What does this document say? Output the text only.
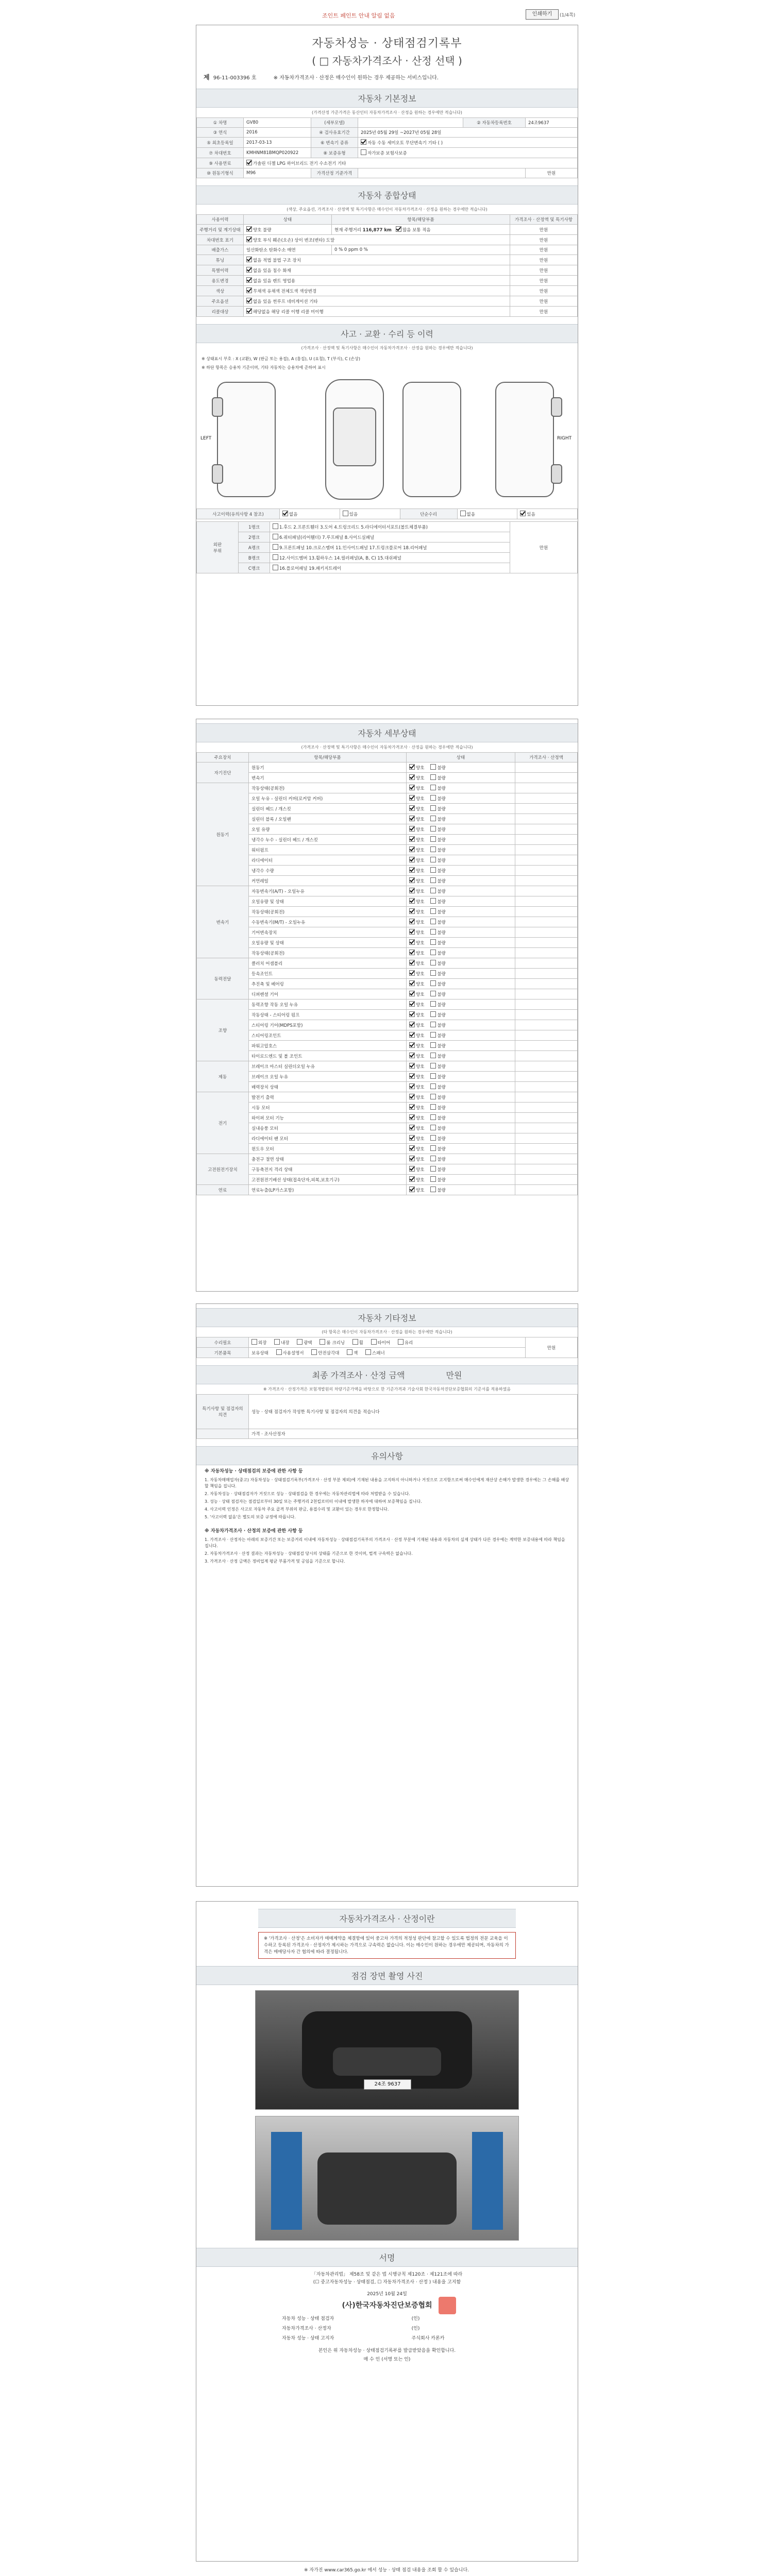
조인트 페인트 안내 알림 없음	인쇄하기	(1/4쪽)
자동차성능 · 상태점검기록부
( □ 자동차가격조사 · 산정 선택 )
제 96-11-003396 호	※ 자동차가격조사 · 산정은 매수인이 원하는 경우 제공하는 서비스입니다.
자동차 기본정보
(가격산정 가준가격은 동산인터 자동차가격조사 · 산정을 원하는 경우에만 적습니다)
① 차명	GV80	(세부모델)		② 자동차등록번호	24조9637
③ 연식	2016	④ 검사유효기간	2025년 05월 29일 ~2027년 05월 28일		
⑤ 최초등록일	2017-03-13	⑥ 변속기 종류	자동 수동 세미오토 무단변속기 기타 ( )		
⑦ 차대번호	KMHNM81BMQP020922	⑧ 보증유형	자가보증 보험사보증		
⑨ 사용연료	가솔린 디젤 LPG 하이브리드 전기 수소전기 기타				
⑩ 원동기형식	M96	가격산정 기준가격			만원
자동차 종합상태
(색상, 주요옵션, 가격조사 · 산정액 및 특기사항은 매수인이 자동차가격조사 · 산정을 원하는 경우에만 적습니다)
사용이력	상태	항목/해당부품	가격조사 · 산정액 및 특기사항
주행거리 및 계기상태	양호 불량	현재 주행거리 116,877 km 많음 보통 적음	만원
차대번호 표기	양호 부식 훼손(오손) 상이 변조(변타) 도말		만원
배출가스	일산화탄소 탄화수소 매연	0 % 0 ppm 0 %	만원
튜닝	없음 적법 불법 구조 장치		만원
특별이력	없음 있음 침수 화재		만원
용도변경	없음 있음 렌트 영업용		만원
색상	무채색 유채색 전체도색 색상변경		만원
주요옵션	없음 있음 썬루프 네비게이션 기타		만원
리콜대상	해당없음 해당 리콜 이행 리콜 미이행		만원
사고 · 교환 · 수리 등 이력
(가격조사 · 산정액 및 특기사항은 매수인이 자동차가격조사 · 산정을 원하는 경우에만 적습니다)
※ 상태표시 부호 : X (교환), W (판금 또는 용접), A (흠집), U (요철), T (부식), C (손상)
※ 하단 항목은 승용차 기준이며, 기타 자동차는 승용차에 준하여 표시
LEFT	RIGHT
사고이력(유의사항 4 참조)	없음	있음	단순수리	없음	있음
외판
부위	1랭크	1.후드 2.프론트휀더 3.도어 4.트렁크리드 5.라디에이터서포트(볼트체결부품)	만원
	2랭크	6.쿼터패널(리어휀더) 7.루프패널 8.사이드실패널	
	A랭크	9.프론트패널 10.크로스멤버 11.인사이드패널 17.트렁크플로어 18.리어패널	
	B랭크	12.사이드멤버 13.휠하우스 14.필러패널(A, B, C) 15.대쉬패널	
	C랭크	16.플로어패널 19.패키지트레이	
자동차 세부상태
(가격조사 · 산정액 및 특기사항은 매수인이 자동차가격조사 · 산정을 원하는 경우에만 적습니다)
주요장치	항목/해당부품	상태	가격조사 · 산정액
자기진단	원동기	양호 불량	
	변속기	양호 불량	
원동기	작동상태(공회전)	양호 불량	
	오일 누유 - 실린더 커버(로커암 커버)	양호 불량	
	실린더 헤드 / 개스킷	양호 불량	
	실린더 블록 / 오일팬	양호 불량	
	오일 유량	양호 불량	
	냉각수 누수 - 실린더 헤드 / 개스킷	양호 불량	
	워터펌프	양호 불량	
	라디에이터	양호 불량	
	냉각수 수량	양호 불량	
	커먼레일	양호 불량	
변속기	자동변속기(A/T) - 오일누유	양호 불량	
	오일유량 및 상태	양호 불량	
	작동상태(공회전)	양호 불량	
	수동변속기(M/T) - 오일누유	양호 불량	
	기어변속장치	양호 불량	
	오일유량 및 상태	양호 불량	
	작동상태(공회전)	양호 불량	
동력전달	클러치 어셈블리	양호 불량	
	등속조인트	양호 불량	
	추진축 및 베어링	양호 불량	
	디퍼렌셜 기어	양호 불량	
조향	동력조향 작동 오일 누유	양호 불량	
	작동상태 - 스티어링 펌프	양호 불량	
	스티어링 기어(MDPS포함)	양호 불량	
	스티어링조인트	양호 불량	
	파워고압호스	양호 불량	
	타이로드엔드 및 볼 조인트	양호 불량	
제동	브레이크 마스터 실린더오일 누유	양호 불량	
	브레이크 오일 누유	양호 불량	
	배력장치 상태	양호 불량	
전기	발전기 출력	양호 불량	
	시동 모터	양호 불량	
	와이퍼 모터 기능	양호 불량	
	실내송풍 모터	양호 불량	
	라디에이터 팬 모터	양호 불량	
	윈도우 모터	양호 불량	
고전원전기장치	충전구 절연 상태	양호 불량	
	구동축전지 격리 상태	양호 불량	
	고전원전기배선 상태(접속단자,피복,보호기구)	양호 불량	
연료	연료누출(LP가스포함)	양호 불량	
자동차 기타정보
(타 항목은 매수인이 자동차가격조사 · 산정을 원하는 경우에만 적습니다)
수리필요	외장 내장 광택 룸 크리닝 휠 타이어 유리	만원
기본품목	보유상태 사용설명서 안전삼각대 잭 스패너	
최종 가격조사 · 산정 금액	만원
※ 가격조사 · 산정가격은 보험개발원의 차량기준가액을 바탕으로 한 기준가격과 기술사회 한국자동차진단보증협회의 기준서를 적용하였음
특기사항 및 점검자의 의견	성능 · 상태 점검자가 작성한 특기사항 및 점검자의 의견을 적습니다
	가격 · 조사산정자
유의사항
※ 자동차성능 · 상태점검의 보증에 관한 사항 등

1. 자동차매매업자(중고) 자동차성능 · 상태점검기록부(가격조사 · 산정 부분 제외)에 기재된 내용을 고지하지 아니하거나 거짓으로 고지함으로써 매수인에게 재산상 손해가 발생한 경우에는 그 손해를 배상할 책임을 집니다.

2. 자동차성능 · 상태점검자가 거짓으로 성능 · 상태점검을 한 경우에는 자동차관리법에 따라 처벌받을 수 있습니다.

3. 성능 · 상태 점검자는 점검일로부터 30일 또는 주행거리 2천킬로미터 이내에 발생한 하자에 대하여 보증책임을 집니다.

4. 사고이력 인정은 사고로 자동차 주요 골격 부위의 판금, 용접수리 및 교환이 있는 경우로 한정합니다.

5. '사고이력 없음'은 별도의 보증 규정에 따릅니다.

※ 자동차가격조사 · 산정의 보증에 관한 사항 등

1. 가격조사 · 산정자는 아래의 보증기간 또는 보증거리 이내에 자동차성능 · 상태점검기록부의 가격조사 · 산정 부분에 기재된 내용과 자동차의 실제 상태가 다른 경우에는 계약한 보증내용에 따라 책임을 집니다.

2. 자동차가격조사 · 산정 결과는 자동차성능 · 상태점검 당시의 상태를 기준으로 한 것이며, 법적 구속력은 없습니다.

3. 가격조사 · 산정 금액은 정비업계 평균 부품가격 및 공임을 기준으로 합니다.

자동차가격조사 · 산정이란
※ '가격조사 · 산정'은 소비자가 매매계약을 체결함에 있어 중고차 가격의 적정성 판단에 참고할 수 있도록 법정의 전문 교육을 이수하고 등록된 가격조사 · 산정자가 제시하는 가격으로 구속력은 없습니다. 이는 매수인이 원하는 경우에만 제공되며, 자동차의 가격은 매매당사자 간 협의에 따라 결정됩니다.
점검 장면 촬영 사진
24조 9637
서명
「자동차관리법」 제58조 및 같은 법 시행규칙 제120조 · 제121조에 따라
(☐ 중고자동차성능 · 상태점검, ☐ 자동차가격조사 · 산정 ) 내용을 고지함
2025년 10월 24일
(사)한국자동차진단보증협회
자동차 성능 · 상태 점검자	(인)
자동차가격조사 · 산정자	(인)
자동차 성능 · 상태 고지자	주식회사 카론카
본인은 위 자동차성능 · 상태점검기록부를 발급받았음을 확인합니다.
매 수 인 (서명 또는 인)
※ 자가진 www.car365.go.kr 에서 성능 · 상태 점검 내용을 조회 할 수 있습니다.
